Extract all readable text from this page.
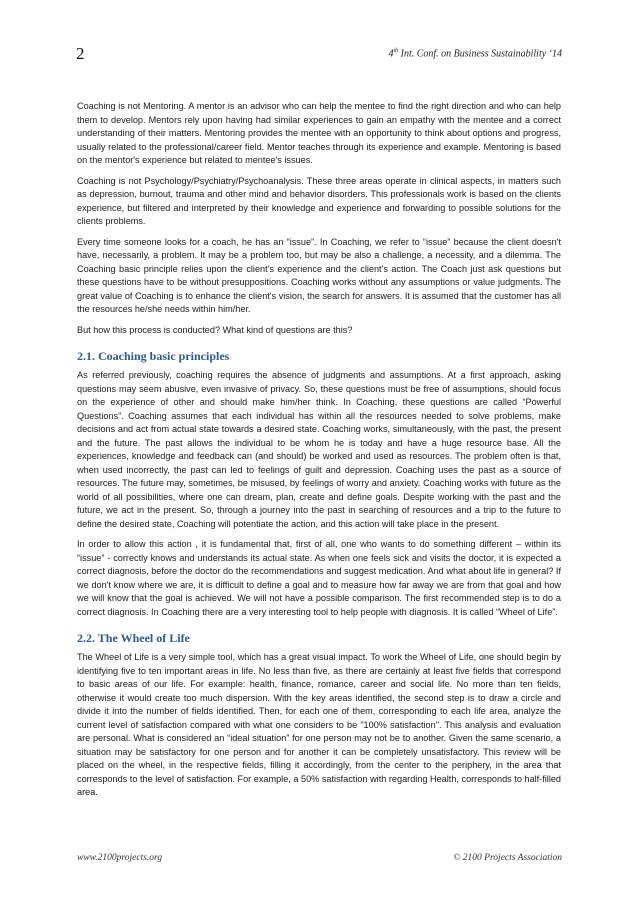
2	4th Int. Conf. on Business Sustainability ‘14

Coaching is not Mentoring. A mentor is an advisor who can help the mentee to find the right direction and who can help them to develop. Mentors rely upon having had similar experiences to gain an empathy with the mentee and a correct understanding of their matters. Mentoring provides the mentee with an opportunity to think about options and progress, usually related to the professional/career field. Mentor teaches through its experience and example. Mentoring is based on the mentor's experience but related to mentee's issues.

Coaching is not Psychology/Psychiatry/Psychoanalysis. These three areas operate in clinical aspects, in matters such as depression, burnout, trauma and other mind and behavior disorders. This professionals work is based on the clients experience, but filtered and interpreted by their knowledge and experience and forwarding to possible solutions for the clients problems.

Every time someone looks for a coach, he has an “issue”. In Coaching, we refer to “issue” because the client doesn't have, necessarily, a problem. It may be a problem too, but may be also a challenge, a necessity, and a dilemma. The Coaching basic principle relies upon the client's experience and the client's action. The Coach just ask questions but these questions have to be without presuppositions. Coaching works without any assumptions or value judgments. The great value of Coaching is to enhance the client's vision, the search for answers. It is assumed that the customer has all the resources he/she needs within him/her.

But how this process is conducted? What kind of questions are this?

2.1. Coaching basic principles

As referred previously, coaching requires the absence of judgments and assumptions. At a first approach, asking questions may seem abusive, even invasive of privacy. So, these questions must be free of assumptions, should focus on the experience of other and should make him/her think. In Coaching, these questions are called “Powerful Questions”. Coaching assumes that each individual has within all the resources needed to solve problems, make decisions and act from actual state towards a desired state. Coaching works, simultaneously, with the past, the present and the future. The past allows the individual to be whom he is today and have a huge resource base. All the experiences, knowledge and feedback can (and should) be worked and used as resources. The problem often is that, when used incorrectly, the past can led to feelings of guilt and depression. Coaching uses the past as a source of resources. The future may, sometimes, be misused, by feelings of worry and anxiety. Coaching works with future as the world of all possibilities, where one can dream, plan, create and define goals. Despite working with the past and the future, we act in the present. So, through a journey into the past in searching of resources and a trip to the future to define the desired state, Coaching will potentiate the action, and this action will take place in the present.

In order to allow this action , it is fundamental that, first of all, one who wants to do something different – within its “issue” - correctly knows and understands its actual state. As when one feels sick and visits the doctor, it is expected a correct diagnosis, before the doctor do the recommendations and suggest medication. And what about life in general? If we don't know where we are, it is difficult to define a goal and to measure how far away we are from that goal and how we will know that the goal is achieved. We will not have a possible comparison. The first recommended step is to do a correct diagnosis. In Coaching there are a very interesting tool to help people with diagnosis. It is called “Wheel of Life”.

2.2. The Wheel of Life

The Wheel of Life is a very simple tool, which has a great visual impact. To work the Wheel of Life, one should begin by identifying five to ten important areas in life. No less than five, as there are certainly at least five fields that correspond to basic areas of our life. For example: health, finance, romance, career and social life. No more than ten fields, otherwise it would create too much dispersion. With the key areas identified, the second step is to draw a circle and divide it into the number of fields identified. Then, for each one of them, corresponding to each life area, analyze the current level of satisfaction compared with what one considers to be "100% satisfaction". This analysis and evaluation are personal. What is considered an “ideal situation” for one person may not be to another. Given the same scenario, a situation may be satisfactory for one person and for another it can be completely unsatisfactory. This review will be placed on the wheel, in the respective fields, filling it accordingly, from the center to the periphery, in the area that corresponds to the level of satisfaction. For example, a 50% satisfaction with regarding Health, corresponds to half-filled area.

www.2100projects.org	© 2100 Projects Association
